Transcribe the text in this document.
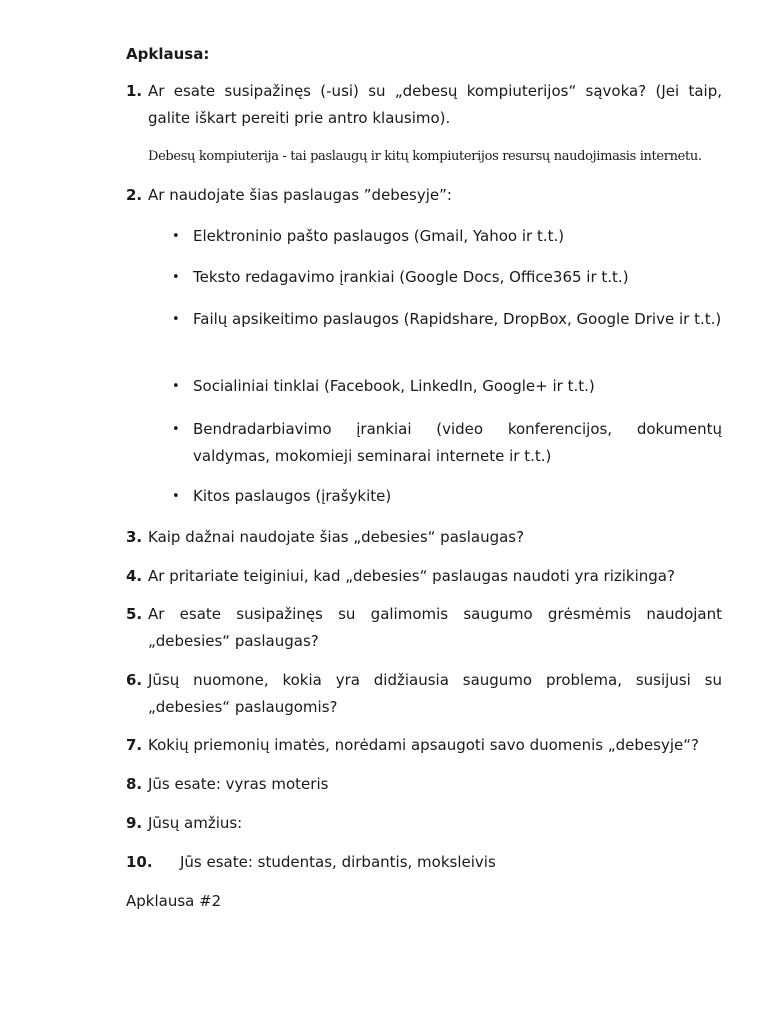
Apklausa:
1. Ar esate susipažinęs (-usi) su „debesų kompiuterijos“ sąvoka? (Jei taip, galite iškart pereiti prie antro klausimo).
Debesų kompiuterija - tai paslaugų ir kitų kompiuterijos resursų naudojimasis internetu.
2. Ar naudojate šias paslaugas ”debesyje”:
• Elektroninio pašto paslaugos (Gmail, Yahoo ir t.t.)
• Teksto redagavimo įrankiai (Google Docs, Office365 ir t.t.)
• Failų apsikeitimo paslaugos (Rapidshare, DropBox, Google Drive ir t.t.)
• Socialiniai tinklai (Facebook, LinkedIn, Google+ ir t.t.)
• Bendradarbiavimo įrankiai (video konferencijos, dokumentų valdymas, mokomieji seminarai internete ir t.t.)
• Kitos paslaugos (įrašykite)
3. Kaip dažnai naudojate šias „debesies“ paslaugas?
4. Ar pritariate teiginiui, kad „debesies“ paslaugas naudoti yra rizikinga?
5. Ar esate susipažinęs su galimomis saugumo grėsmėmis naudojant „debesies“ paslaugas?
6. Jūsų nuomone, kokia yra didžiausia saugumo problema, susijusi su „debesies“ paslaugomis?
7. Kokių priemonių imatės, norėdami apsaugoti savo duomenis „debesyje“?
8. Jūs esate: vyras moteris
9. Jūsų amžius:
10. Jūs esate: studentas, dirbantis, moksleivis
Apklausa #2
